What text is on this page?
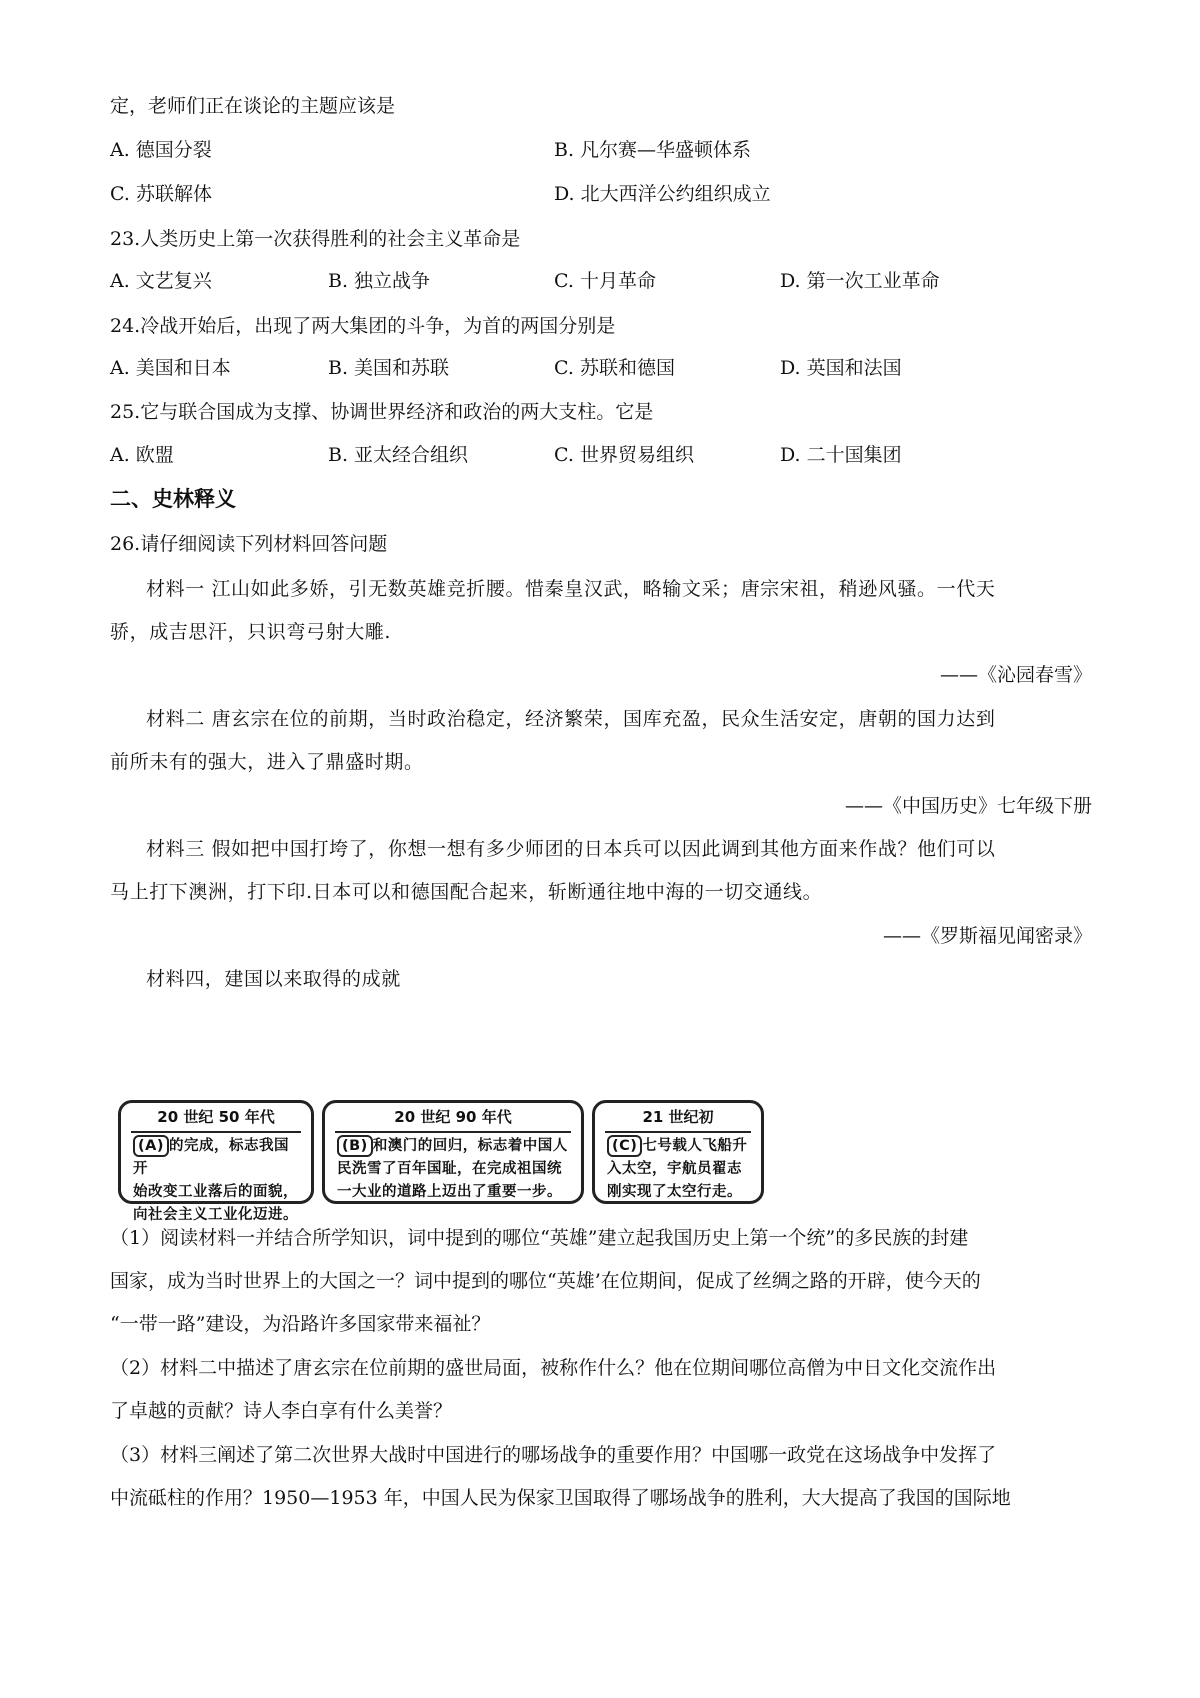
定，老师们正在谈论的主题应该是
A. 德国分裂	B. 凡尔赛—华盛顿体系
C. 苏联解体	D. 北大西洋公约组织成立
23.人类历史上第一次获得胜利的社会主义革命是
A. 文艺复兴	B. 独立战争	C. 十月革命	D. 第一次工业革命
24.冷战开始后，出现了两大集团的斗争，为首的两国分别是
A. 美国和日本	B. 美国和苏联	C. 苏联和德国	D. 英国和法国
25.它与联合国成为支撑、协调世界经济和政治的两大支柱。它是
A. 欧盟	B. 亚太经合组织	C. 世界贸易组织	D. 二十国集团
二、史林释义
26.请仔细阅读下列材料回答问题
材料一 江山如此多娇，引无数英雄竞折腰。惜秦皇汉武，略输文采；唐宗宋祖，稍逊风骚。一代天
骄，成吉思汗，只识弯弓射大雕.
——《沁园春雪》
材料二 唐玄宗在位的前期，当时政治稳定，经济繁荣，国库充盈，民众生活安定，唐朝的国力达到
前所未有的强大，进入了鼎盛时期。
——《中国历史》七年级下册
材料三 假如把中国打垮了，你想一想有多少师团的日本兵可以因此调到其他方面来作战？他们可以
马上打下澳洲，打下印.日本可以和德国配合起来，斩断通往地中海的一切交通线。
——《罗斯福见闻密录》
材料四，建国以来取得的成就
20 世纪 50 年代
(A) 的完成，标志我国开
始改变工业落后的面貌，
向社会主义工业化迈进。
20 世纪 90 年代
(B) 和澳门的回归，标志着中国人
民洗雪了百年国耻，在完成祖国统
一大业的道路上迈出了重要一步。
21 世纪初
(C) 七号载人飞船升
入太空，宇航员翟志
刚实现了太空行走。
（1）阅读材料一并结合所学知识，词中提到的哪位“英雄”建立起我国历史上第一个统”的多民族的封建
国家，成为当时世界上的大国之一？词中提到的哪位“英雄’在位期间，促成了丝绸之路的开辟，使今天的
“一带一路”建设，为沿路许多国家带来福祉？
（2）材料二中描述了唐玄宗在位前期的盛世局面，被称作什么？他在位期间哪位高僧为中日文化交流作出
了卓越的贡献？诗人李白享有什么美誉？
（3）材料三阐述了第二次世界大战时中国进行的哪场战争的重要作用？中国哪一政党在这场战争中发挥了
中流砥柱的作用？1950—1953 年，中国人民为保家卫国取得了哪场战争的胜利，大大提高了我国的国际地
